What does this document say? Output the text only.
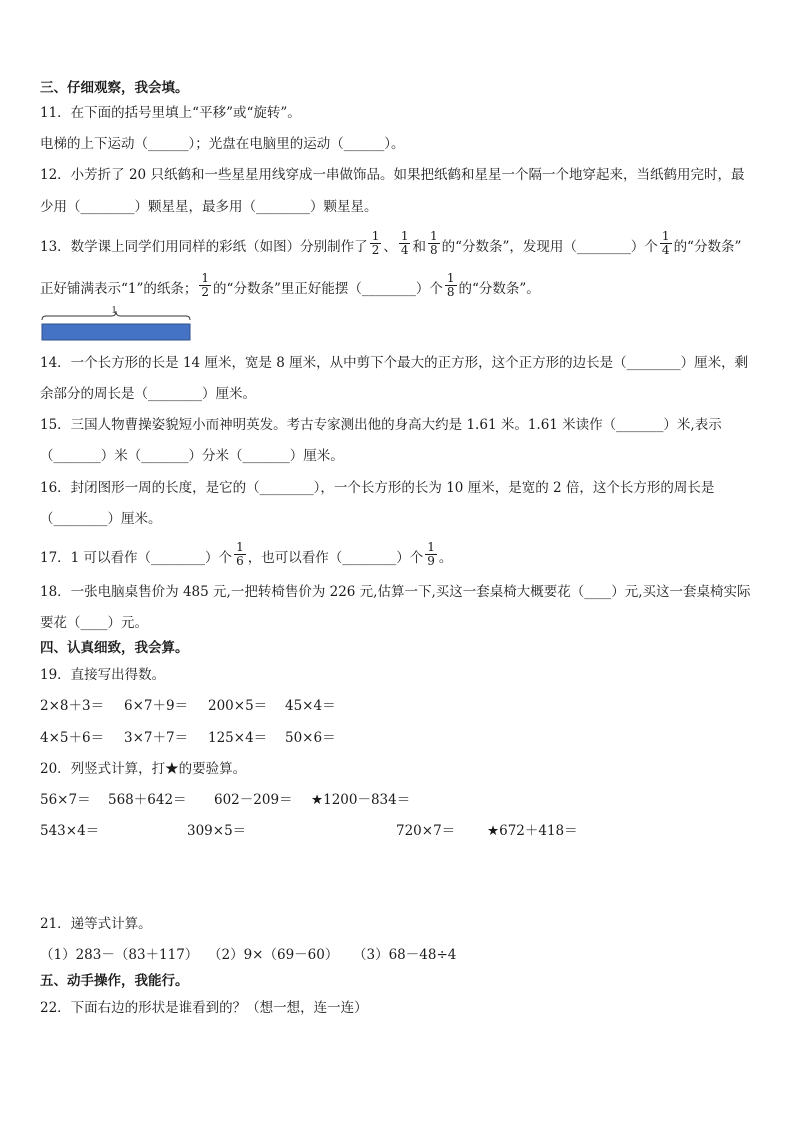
三、仔细观察，我会填。
11．在下面的括号里填上“平移”或“旋转”。
电梯的上下运动（______）；光盘在电脑里的运动（______）。
12．小芳折了 20 只纸鹤和一些星星用线穿成一串做饰品。如果把纸鹤和星星一个隔一个地穿起来，当纸鹤用完时，最
少用（________）颗星星，最多用（________）颗星星。
13．数学课上同学们用同样的彩纸（如图）分别制作了 $\frac{1}{2}$ 、 $\frac{1}{4}$ 和 $\frac{1}{8}$ 的“分数条”，发现用（________）个 $\frac{1}{4}$ 的“分数条”
正好铺满表示“1”的纸条； $\frac{1}{2}$ 的“分数条”里正好能摆（________）个 $\frac{1}{8}$ 的“分数条”。
1
14．一个长方形的长是 14 厘米，宽是 8 厘米，从中剪下个最大的正方形，这个正方形的边长是（________）厘米，剩
余部分的周长是（________）厘米。
15．三国人物曹操姿貌短小而神明英发。考古专家测出他的身高大约是 1.61 米。1.61 米读作（_______）米,表示
（_______）米（_______）分米（_______）厘米。
16．封闭图形一周的长度，是它的（________），一个长方形的长为 10 厘米，是宽的 2 倍，这个长方形的周长是
（________）厘米。
17．1 可以看作（________）个 $\frac{1}{6}$ ，也可以看作（________）个 $\frac{1}{9}$ 。
18．一张电脑桌售价为 485 元,一把转椅售价为 226 元,估算一下,买这一套桌椅大概要花（____）元,买这一套桌椅实际
要花（____）元。
四、认真细致，我会算。
19．直接写出得数。
2×8＋3＝ 6×7＋9＝ 200×5＝ 45×4＝
4×5＋6＝ 3×7＋7＝ 125×4＝ 50×6＝
20．列竖式计算，打★的要验算。
56×7＝ 568＋642＝ 602－209＝ ★1200－834＝
543×4＝	309×5＝	720×7＝ ★672＋418＝
21．递等式计算。
（1）283－（83＋117） （2）9×（69－60） （3）68－48÷4
五、动手操作，我能行。
22．下面右边的形状是谁看到的？（想一想，连一连）
